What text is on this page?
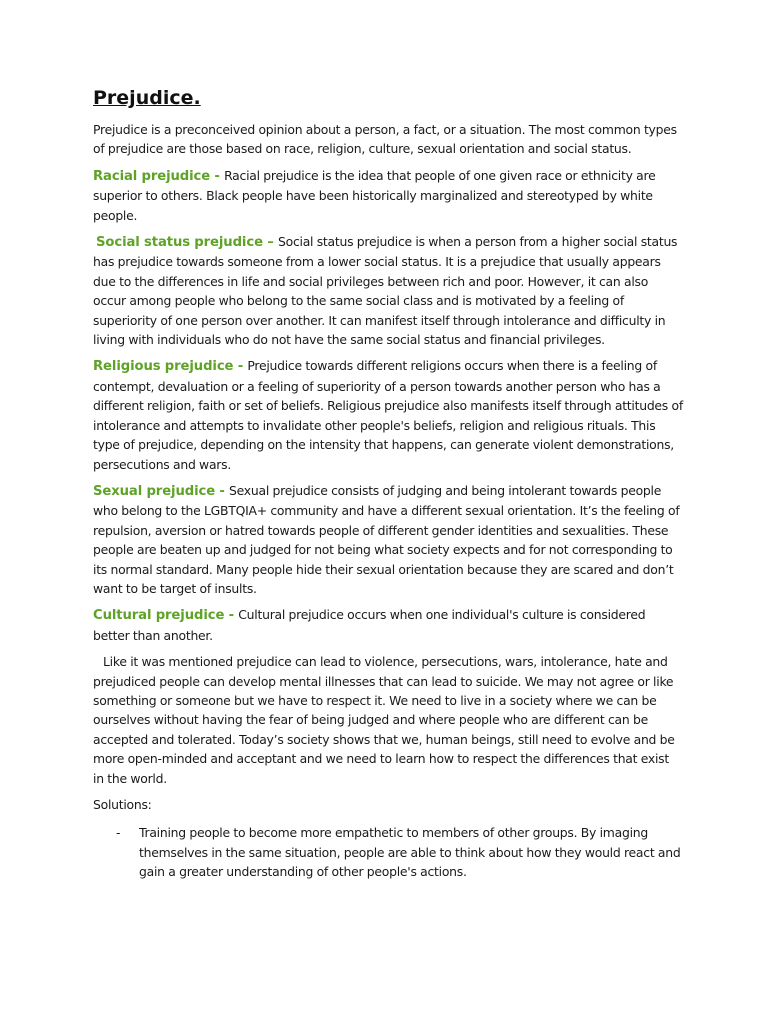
Prejudice.

Prejudice is a preconceived opinion about a person, a fact, or a situation. The most common types of prejudice are those based on race, religion, culture, sexual orientation and social status.

Racial prejudice - Racial prejudice is the idea that people of one given race or ethnicity are superior to others. Black people have been historically marginalized and stereotyped by white people.

Social status prejudice – Social status prejudice is when a person from a higher social status has prejudice towards someone from a lower social status. It is a prejudice that usually appears due to the differences in life and social privileges between rich and poor. However, it can also occur among people who belong to the same social class and is motivated by a feeling of superiority of one person over another. It can manifest itself through intolerance and difficulty in living with individuals who do not have the same social status and financial privileges.

Religious prejudice - Prejudice towards different religions occurs when there is a feeling of contempt, devaluation or a feeling of superiority of a person towards another person who has a different religion, faith or set of beliefs. Religious prejudice also manifests itself through attitudes of intolerance and attempts to invalidate other people's beliefs, religion and religious rituals. This type of prejudice, depending on the intensity that happens, can generate violent demonstrations, persecutions and wars.

Sexual prejudice - Sexual prejudice consists of judging and being intolerant towards people who belong to the LGBTQIA+ community and have a different sexual orientation. It’s the feeling of repulsion, aversion or hatred towards people of different gender identities and sexualities. These people are beaten up and judged for not being what society expects and for not corresponding to its normal standard. Many people hide their sexual orientation because they are scared and don’t want to be target of insults.

Cultural prejudice - Cultural prejudice occurs when one individual's culture is considered better than another.

Like it was mentioned prejudice can lead to violence, persecutions, wars, intolerance, hate and prejudiced people can develop mental illnesses that can lead to suicide. We may not agree or like something or someone but we have to respect it. We need to live in a society where we can be ourselves without having the fear of being judged and where people who are different can be accepted and tolerated. Today’s society shows that we, human beings, still need to evolve and be more open-minded and acceptant and we need to learn how to respect the differences that exist in the world.

Solutions:

- Training people to become more empathetic to members of other groups. By imaging themselves in the same situation, people are able to think about how they would react and gain a greater understanding of other people's actions.
